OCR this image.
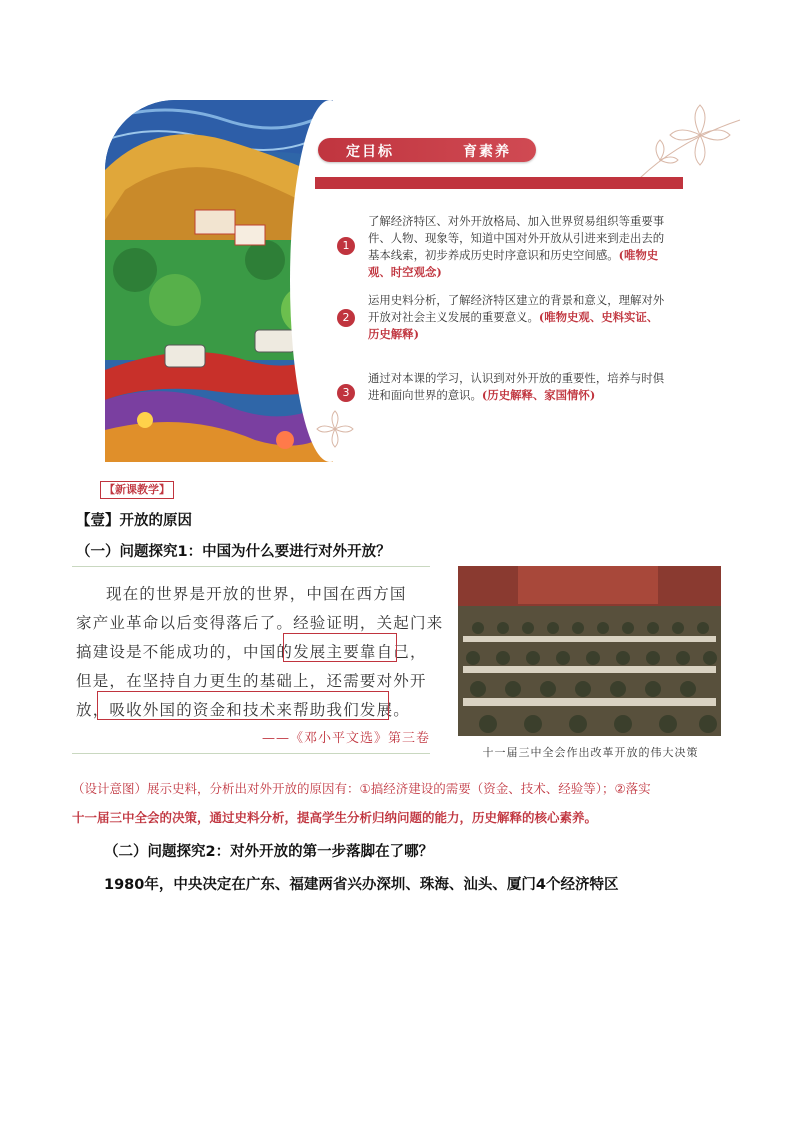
定目标	育素养
1
了解经济特区、对外开放格局、加入世界贸易组织等重要事件、人物、现象等，知道中国对外开放从引进来到走出去的基本线索，初步养成历史时序意识和历史空间感。(唯物史观、时空观念)
2
运用史料分析，了解经济特区建立的背景和意义，理解对外开放对社会主义发展的重要意义。(唯物史观、史料实证、历史解释)
3
通过对本课的学习，认识到对外开放的重要性，培养与时俱进和面向世界的意识。(历史解释、家国情怀)
【新课教学】
【壹】开放的原因
（一）问题探究1：中国为什么要进行对外开放？
现在的世界是开放的世界，中国在西方国
家产业革命以后变得落后了。经验证明，关起门来
搞建设是不能成功的，中国的发展主要靠自己，
但是，在坚持自力更生的基础上，还需要对外开
放，吸收外国的资金和技术来帮助我们发展。
——《邓小平文选》第三卷
十一届三中全会作出改革开放的伟大决策
（设计意图）展示史料，分析出对外开放的原因有：①搞经济建设的需要（资金、技术、经验等）；②落实
十一届三中全会的决策，通过史料分析，提高学生分析归纳问题的能力，历史解释的核心素养。
（二）问题探究2：对外开放的第一步落脚在了哪？
1980年，中央决定在广东、福建两省兴办深圳、珠海、汕头、厦门4个经济特区
